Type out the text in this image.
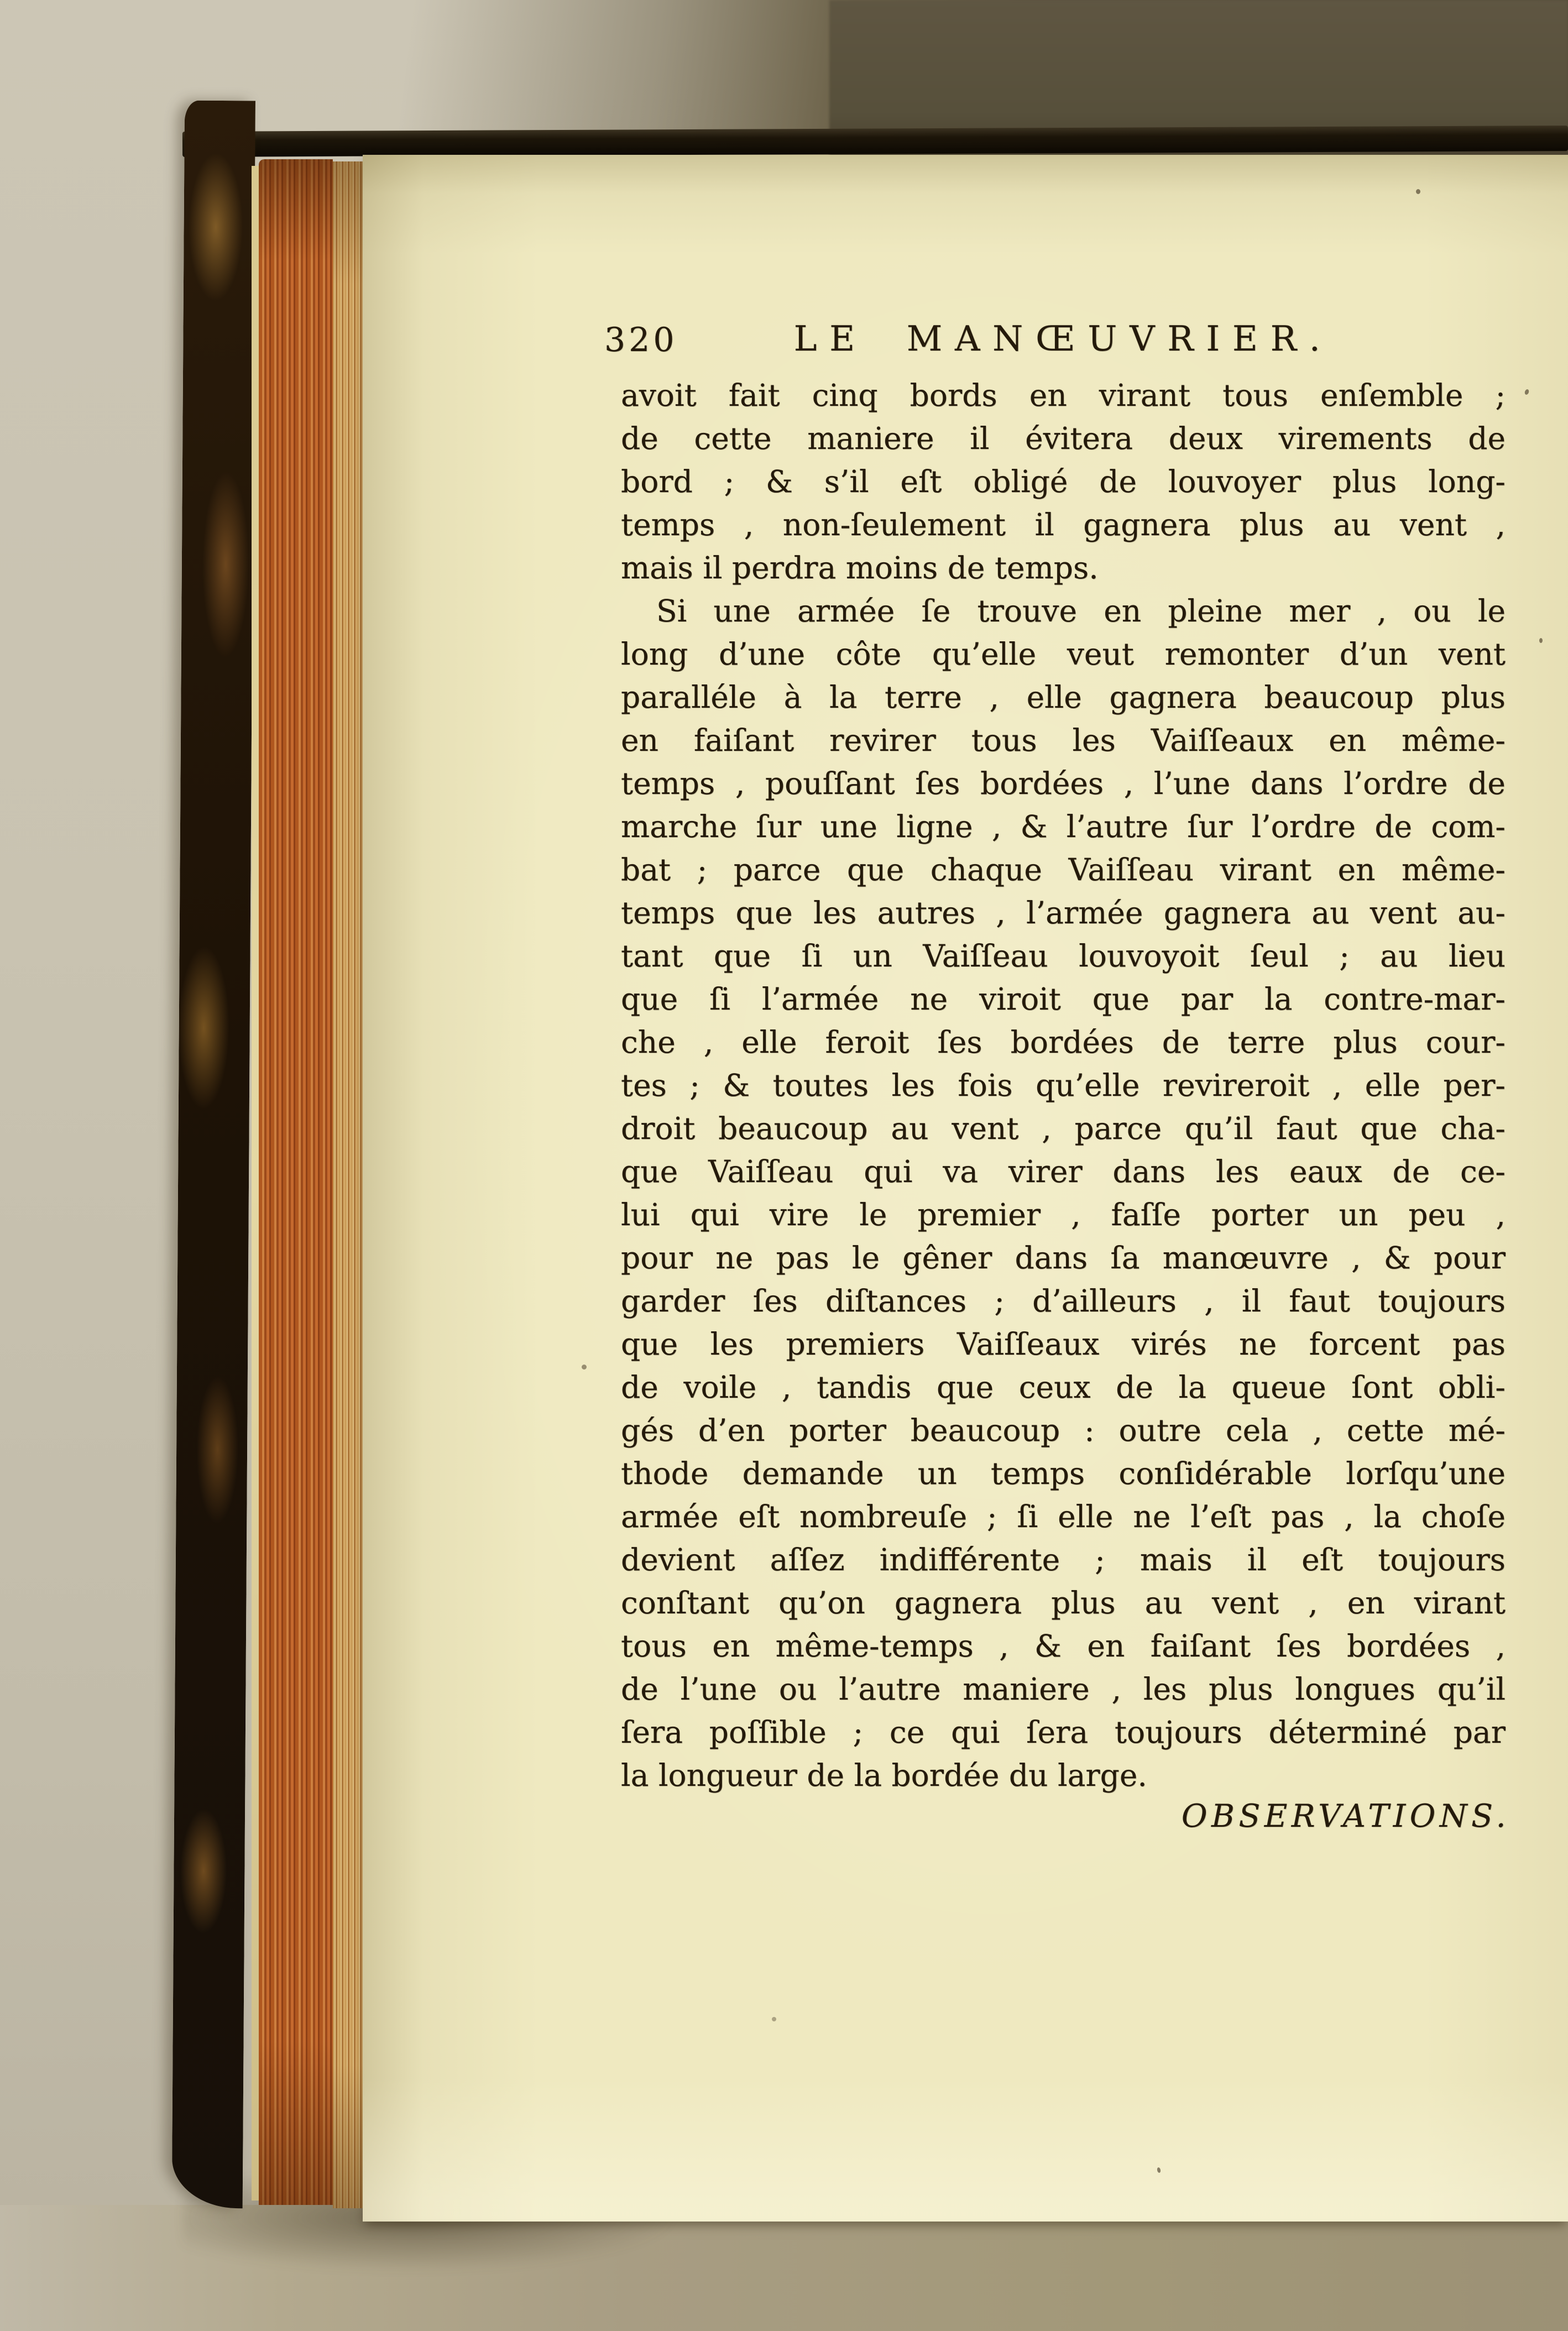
320	LE MANŒUVRIER.
avoit fait cinq bords en virant tous enſemble ;
de cette maniere il évitera deux virements de
bord ; & s’il eſt obligé de louvoyer plus long-
temps , non-ſeulement il gagnera plus au vent ,
mais il perdra moins de temps.
Si une armée ſe trouve en pleine mer , ou le
long d’une côte qu’elle veut remonter d’un vent
paralléle à la terre , elle gagnera beaucoup plus
en faiſant revirer tous les Vaiſſeaux en même-
temps , pouſſant ſes bordées , l’une dans l’ordre de
marche ſur une ligne , & l’autre ſur l’ordre de com-
bat ; parce que chaque Vaiſſeau virant en même-
temps que les autres , l’armée gagnera au vent au-
tant que ſi un Vaiſſeau louvoyoit ſeul ; au lieu
que ſi l’armée ne viroit que par la contre-mar-
che , elle feroit ſes bordées de terre plus cour-
tes ; & toutes les fois qu’elle revireroit , elle per-
droit beaucoup au vent , parce qu’il faut que cha-
que Vaiſſeau qui va virer dans les eaux de ce-
lui qui vire le premier , faſſe porter un peu ,
pour ne pas le gêner dans ſa manœuvre , & pour
garder ſes diſtances ; d’ailleurs , il faut toujours
que les premiers Vaiſſeaux virés ne forcent pas
de voile , tandis que ceux de la queue ſont obli-
gés d’en porter beaucoup : outre cela , cette mé-
thode demande un temps conſidérable lorſqu’une
armée eſt nombreuſe ; ſi elle ne l’eſt pas , la choſe
devient aſſez indifférente ; mais il eſt toujours
conſtant qu’on gagnera plus au vent , en virant
tous en même-temps , & en faiſant ſes bordées ,
de l’une ou l’autre maniere , les plus longues qu’il
ſera poſſible ; ce qui ſera toujours déterminé par
la longueur de la bordée du large.
OBSERVATIONS.
